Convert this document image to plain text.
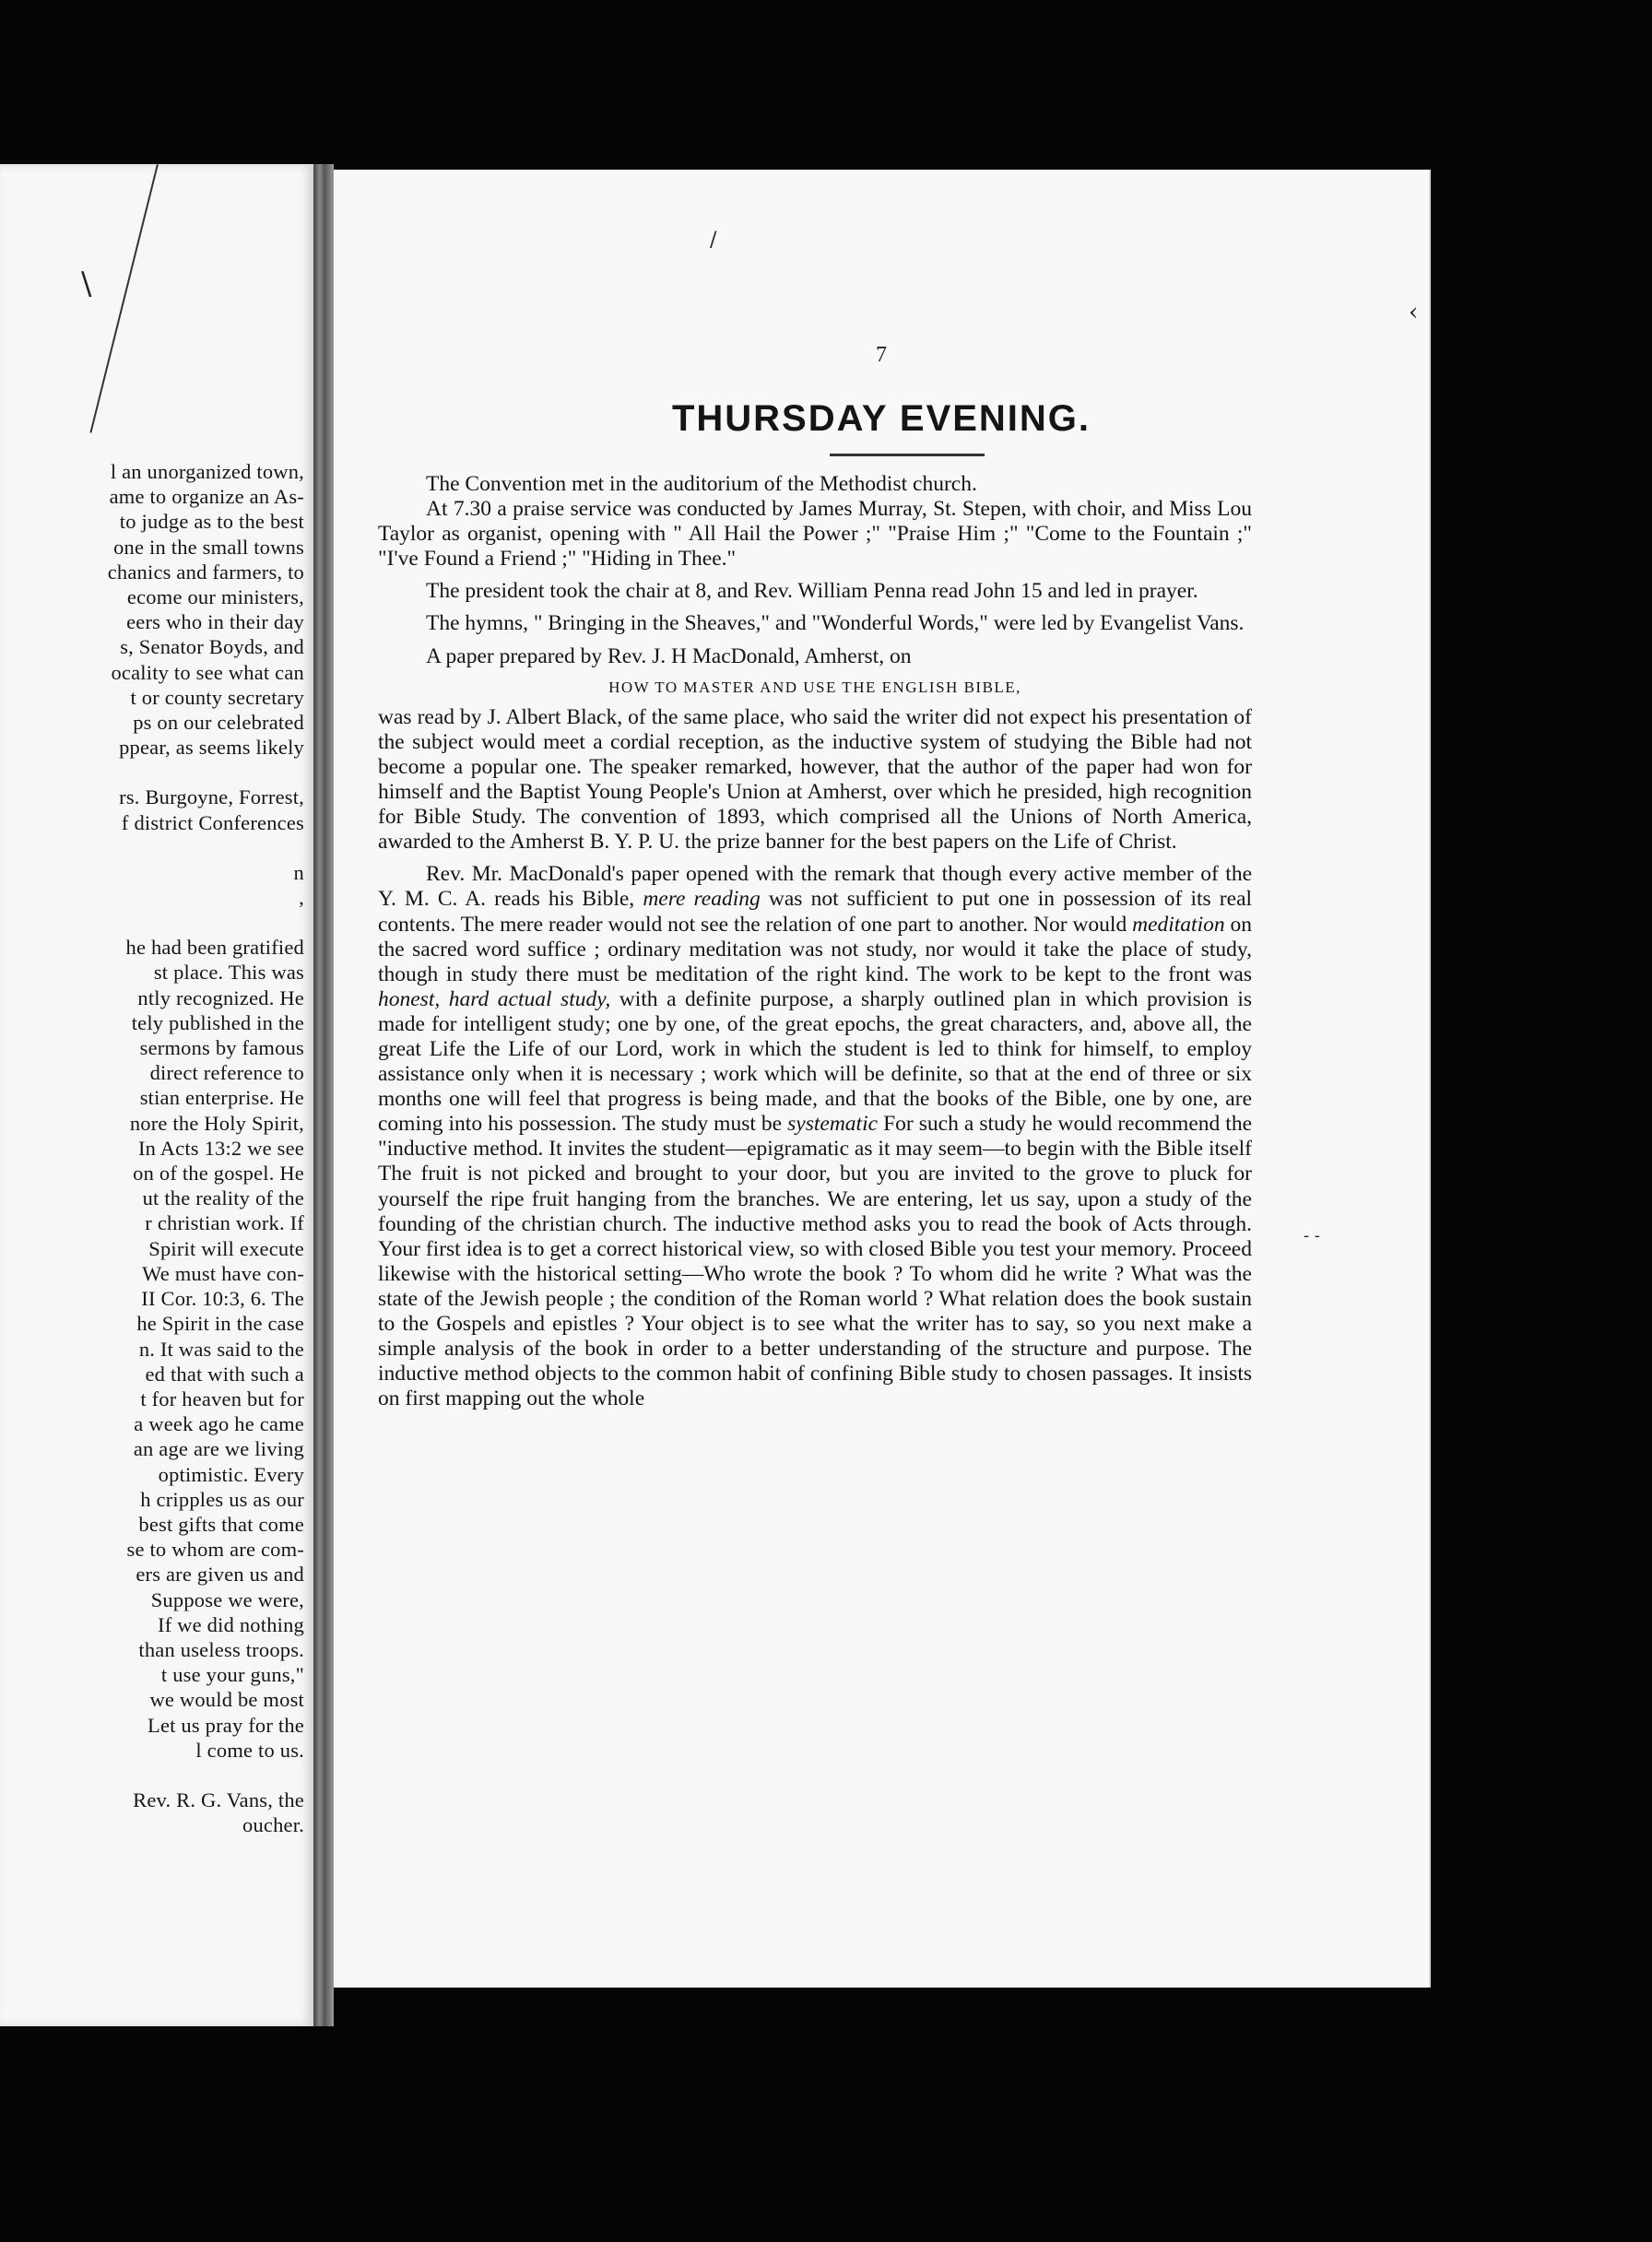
l an unorganized town,
ame to organize an As-
to judge as to the best
one in the small towns
chanics and farmers, to
ecome our ministers,
eers who in their day
s, Senator Boyds, and
ocality to see what can
t or county secretary
ps on our celebrated
ppear, as seems likely
rs. Burgoyne, Forrest,
f district Conferences
n
,
he had been gratified
st place. This was
ntly recognized. He
tely published in the
sermons by famous
direct reference to
stian enterprise. He
nore the Holy Spirit,
In Acts 13:2 we see
on of the gospel. He
ut the reality of the
r christian work. If
Spirit will execute
We must have con-
II Cor. 10:3, 6. The
he Spirit in the case
n. It was said to the
ed that with such a
t for heaven but for
a week ago he came
an age are we living
optimistic. Every
h cripples us as our
best gifts that come
se to whom are com-
ers are given us and
Suppose we were,
If we did nothing
than useless troops.
t use your guns,"
we would be most
Let us pray for the
l come to us.
Rev. R. G. Vans, the
oucher.
\
7
THURSDAY EVENING.

The Convention met in the auditorium of the Methodist church.

At 7.30 a praise service was conducted by James Murray, St. Stepen, with choir, and Miss Lou Taylor as organist, opening with " All Hail the Power ;" "Praise Him ;" "Come to the Fountain ;" "I've Found a Friend ;" "Hiding in Thee."

The president took the chair at 8, and Rev. William Penna read John 15 and led in prayer.

The hymns, " Bringing in the Sheaves," and "Wonderful Words," were led by Evangelist Vans.

A paper prepared by Rev. J. H MacDonald, Amherst, on

HOW TO MASTER AND USE THE ENGLISH BIBLE,

was read by J. Albert Black, of the same place, who said the writer did not expect his presentation of the subject would meet a cordial reception, as the inductive system of studying the Bible had not become a popular one. The speaker remarked, however, that the author of the paper had won for himself and the Baptist Young People's Union at Amherst, over which he presided, high recognition for Bible Study. The convention of 1893, which comprised all the Unions of North America, awarded to the Amherst B. Y. P. U. the prize banner for the best papers on the Life of Christ.

Rev. Mr. MacDonald's paper opened with the remark that though every active member of the Y. M. C. A. reads his Bible, mere reading was not sufficient to put one in possession of its real contents. The mere reader would not see the relation of one part to another. Nor would meditation on the sacred word suffice ; ordinary meditation was not study, nor would it take the place of study, though in study there must be meditation of the right kind. The work to be kept to the front was honest, hard actual study, with a definite purpose, a sharply outlined plan in which provision is made for intelligent study; one by one, of the great epochs, the great characters, and, above all, the great Life the Life of our Lord, work in which the student is led to think for himself, to employ assistance only when it is necessary ; work which will be definite, so that at the end of three or six months one will feel that progress is being made, and that the books of the Bible, one by one, are coming into his possession. The study must be systematic For such a study he would recommend the "inductive method. It invites the student—epigramatic as it may seem—to begin with the Bible itself The fruit is not picked and brought to your door, but you are invited to the grove to pluck for yourself the ripe fruit hanging from the branches. We are entering, let us say, upon a study of the founding of the christian church. The inductive method asks you to read the book of Acts through. Your first idea is to get a correct historical view, so with closed Bible you test your memory. Proceed likewise with the historical setting—Who wrote the book ? To whom did he write ? What was the state of the Jewish people ; the condition of the Roman world ? What relation does the book sustain to the Gospels and epistles ? Your object is to see what the writer has to say, so you next make a simple analysis of the book in order to a better understanding of the structure and purpose. The inductive method objects to the common habit of confining Bible study to chosen passages. It insists on first mapping out the whole

/
‹
- -
